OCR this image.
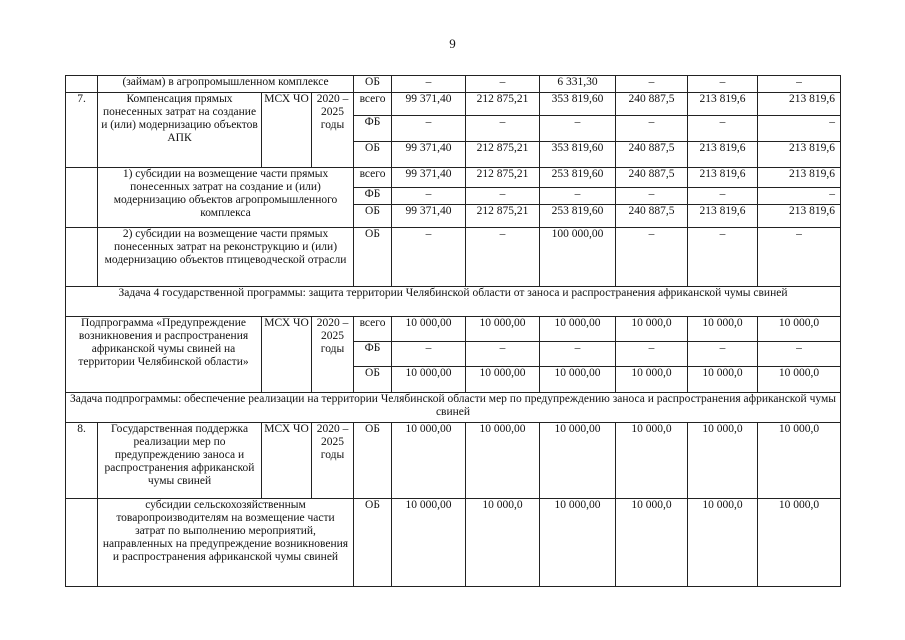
9
	(займам) в агропромышленном комплексе			ОБ	–	–	6 331,30	–	–	–
7.	Компенсация прямых понесенных затрат на создание и (или) модернизацию объектов АПК	МСХ ЧО	2020 – 2025 годы	всего	99 371,40	212 875,21	353 819,60	240 887,5	213 819,6	213 819,6
				ФБ	–	–	–	–	–	–
				ОБ	99 371,40	212 875,21	353 819,60	240 887,5	213 819,6	213 819,6
	1) субсидии на возмещение части прямых понесенных затрат на создание и (или) модернизацию объектов агропромышленного комплекса			всего	99 371,40	212 875,21	253 819,60	240 887,5	213 819,6	213 819,6
				ФБ	–	–	–	–	–	–
				ОБ	99 371,40	212 875,21	253 819,60	240 887,5	213 819,6	213 819,6
	2) субсидии на возмещение части прямых понесенных затрат на реконструкцию и (или) модернизацию объектов птицеводческой отрасли			ОБ	–	–	100 000,00	–	–	–
Задача 4 государственной программы: защита территории Челябинской области от заноса и распространения африканской чумы свиней										
Подпрограмма «Предупреждение возникновения и распространения африканской чумы свиней на территории Челябинской области»		МСХ ЧО	2020 – 2025 годы	всего	10 000,00	10 000,00	10 000,00	10 000,0	10 000,0	10 000,0
				ФБ	–	–	–	–	–	–
				ОБ	10 000,00	10 000,00	10 000,00	10 000,0	10 000,0	10 000,0
Задача подпрограммы: обеспечение реализации на территории Челябинской области мер по предупреждению заноса и распространения африканской чумы свиней										
8.	Государственная поддержка реализации мер по предупреждению заноса и распространения африканской чумы свиней	МСХ ЧО	2020 – 2025 годы	ОБ	10 000,00	10 000,00	10 000,00	10 000,0	10 000,0	10 000,0
	субсидии сельскохозяйственным товаропроизводителям на возмещение части затрат по выполнению мероприятий, направленных на предупреждение возникновения и распространения африканской чумы свиней			ОБ	10 000,00	10 000,0	10 000,00	10 000,0	10 000,0	10 000,0
